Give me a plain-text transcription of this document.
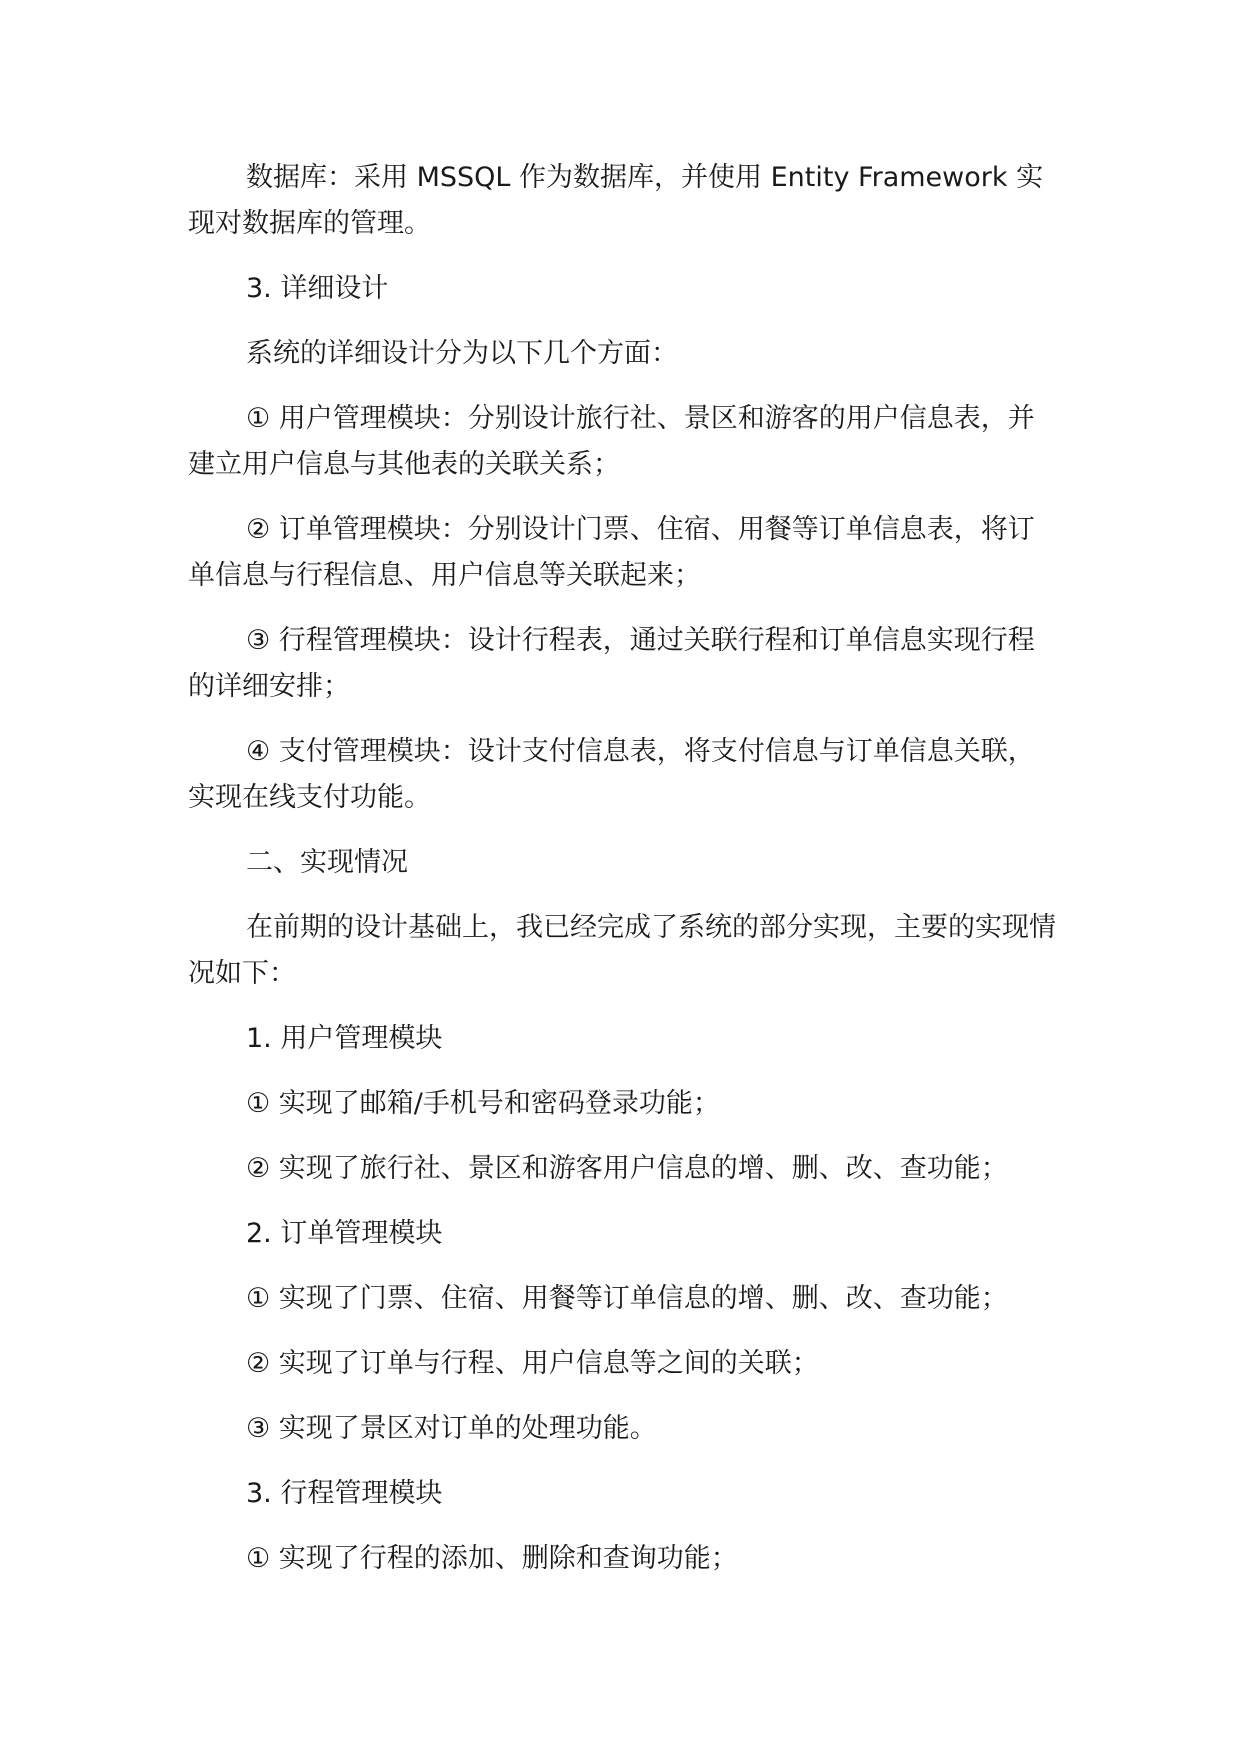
数据库：采用 MSSQL 作为数据库，并使用 Entity Framework 实现对数据库的管理。

3. 详细设计

系统的详细设计分为以下几个方面：

① 用户管理模块：分别设计旅行社、景区和游客的用户信息表，并建立用户信息与其他表的关联关系；

② 订单管理模块：分别设计门票、住宿、用餐等订单信息表，将订单信息与行程信息、用户信息等关联起来；

③ 行程管理模块：设计行程表，通过关联行程和订单信息实现行程的详细安排；

④ 支付管理模块：设计支付信息表，将支付信息与订单信息关联，实现在线支付功能。

二、实现情况

在前期的设计基础上，我已经完成了系统的部分实现，主要的实现情况如下：

1. 用户管理模块

① 实现了邮箱/手机号和密码登录功能；

② 实现了旅行社、景区和游客用户信息的增、删、改、查功能；

2. 订单管理模块

① 实现了门票、住宿、用餐等订单信息的增、删、改、查功能；

② 实现了订单与行程、用户信息等之间的关联；

③ 实现了景区对订单的处理功能。

3. 行程管理模块

① 实现了行程的添加、删除和查询功能；
